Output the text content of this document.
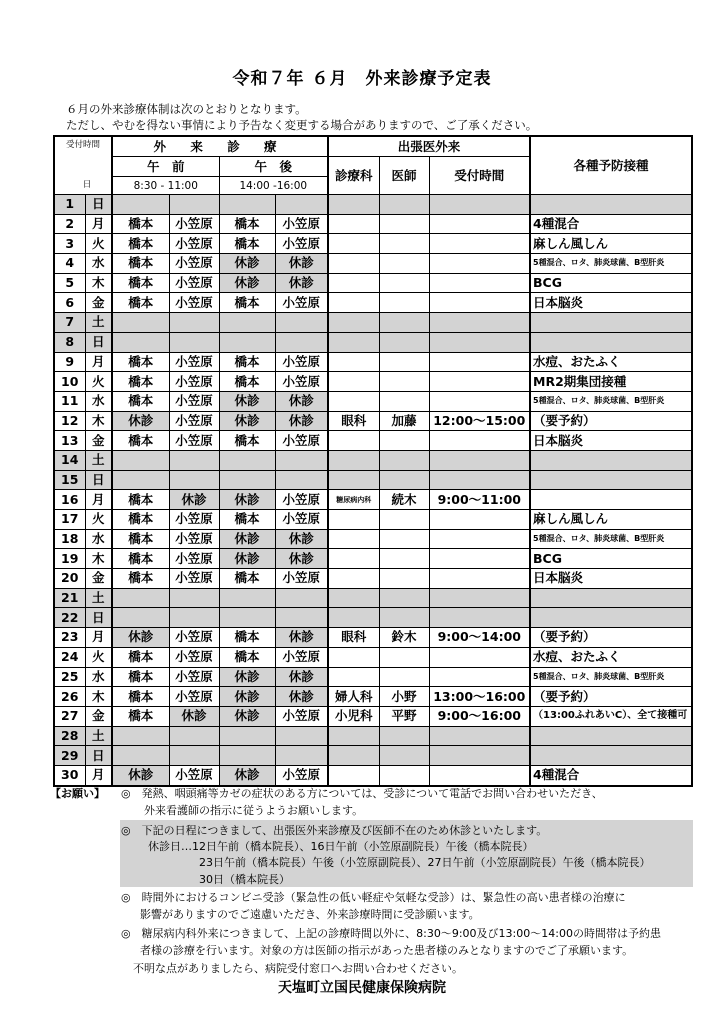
令和７年 ６月　外来診療予定表
６月の外来診療体制は次のとおりとなります。
ただし、やむを得ない事情により予告なく変更する場合がありますので、ご了承ください。
受付時間		外 来 診 療				出張医外来			各種予防接種
		午　前		午　後		診療科	医師	受付時間	
日		8:30 - 11:00		14:00 -16:00					
1	日								
2	月	橋本	小笠原	橋本	小笠原				4種混合
3	火	橋本	小笠原	橋本	小笠原				麻しん風しん
4	水	橋本	小笠原	休診	休診				5種混合、ロタ、肺炎球菌、B型肝炎
5	木	橋本	小笠原	休診	休診				BCG
6	金	橋本	小笠原	橋本	小笠原				日本脳炎
7	土								
8	日								
9	月	橋本	小笠原	橋本	小笠原				水痘、おたふく
10	火	橋本	小笠原	橋本	小笠原				MR2期集団接種
11	水	橋本	小笠原	休診	休診				5種混合、ロタ、肺炎球菌、B型肝炎
12	木	休診	小笠原	休診	休診	眼科	加藤	12:00～15:00	（要予約）
13	金	橋本	小笠原	橋本	小笠原				日本脳炎
14	土								
15	日								
16	月	橋本	休診	休診	小笠原	糖尿病内科	続木	9:00～11:00	
17	火	橋本	小笠原	橋本	小笠原				麻しん風しん
18	水	橋本	小笠原	休診	休診				5種混合、ロタ、肺炎球菌、B型肝炎
19	木	橋本	小笠原	休診	休診				BCG
20	金	橋本	小笠原	橋本	小笠原				日本脳炎
21	土								
22	日								
23	月	休診	小笠原	橋本	休診	眼科	鈴木	9:00～14:00	（要予約）
24	火	橋本	小笠原	橋本	小笠原				水痘、おたふく
25	水	橋本	小笠原	休診	休診				5種混合、ロタ、肺炎球菌、B型肝炎
26	木	橋本	小笠原	休診	休診	婦人科	小野	13:00～16:00	（要予約）
27	金	橋本	休診	休診	小笠原	小児科	平野	9:00～16:00	（13:00ふれあいC）、全て接種可
28	土								
29	日								
30	月	休診	小笠原	休診	小笠原				4種混合
【お願い】 ◎　発熱、咽頭痛等カゼの症状のある方については、受診について電話でお問い合わせいただき、
外来看護師の指示に従うようお願いします。
◎　下記の日程につきまして、出張医外来診療及び医師不在のため休診といたします。
休診日…12日午前（橋本院長）、16日午前（小笠原副院長）午後（橋本院長）
23日午前（橋本院長）午後（小笠原副院長）、27日午前（小笠原副院長）午後（橋本院長）
30日（橋本院長）
◎　時間外におけるコンビニ受診（緊急性の低い軽症や気軽な受診）は、緊急性の高い患者様の治療に
影響がありますのでご遠慮いただき、外来診療時間に受診願います。
◎　糖尿病内科外来につきまして、上記の診療時間以外に、8:30～9:00及び13:00～14:00の時間帯は予約患
者様の診療を行います。対象の方は医師の指示があった患者様のみとなりますのでご了承願います。
不明な点がありましたら、病院受付窓口へお問い合わせください。
天塩町立国民健康保険病院
